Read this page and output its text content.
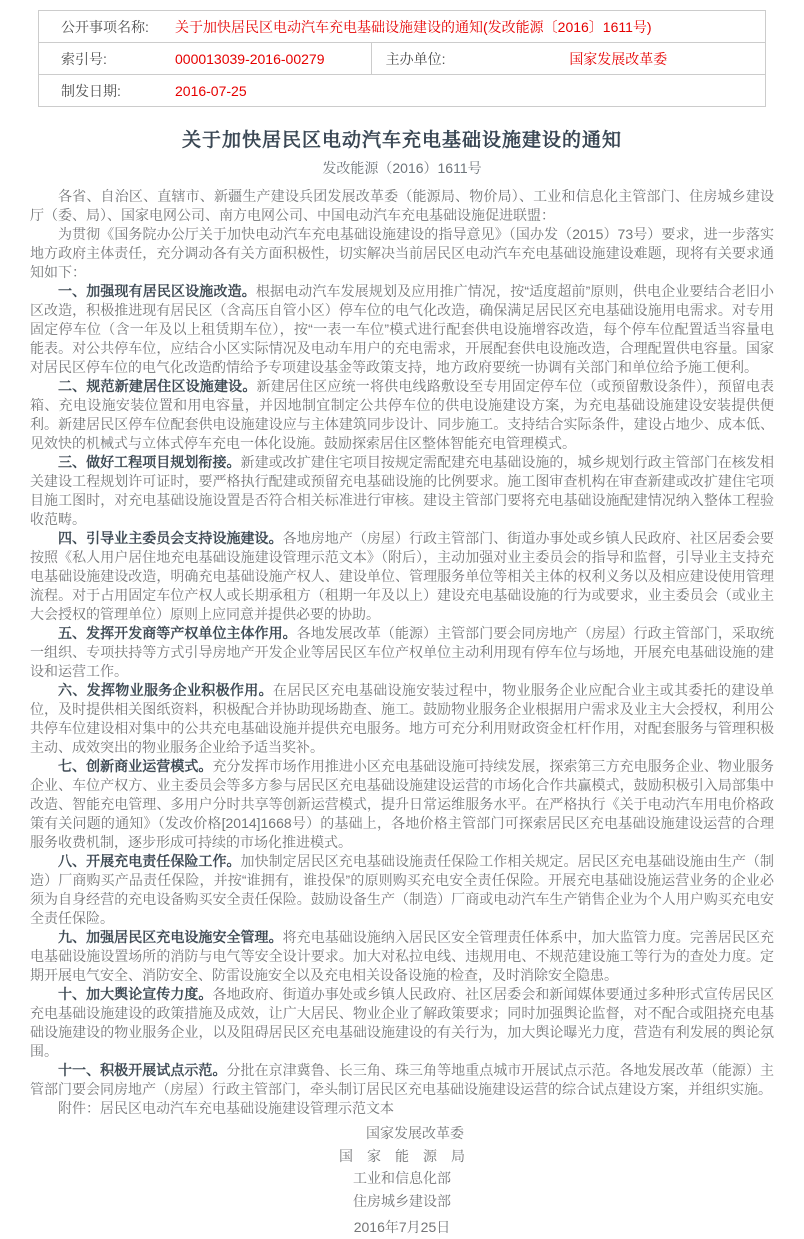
公开事项名称:	关于加快居民区电动汽车充电基础设施建设的通知(发改能源〔2016〕1611号)		
索引号:	000013039-2016-00279	主办单位:	国家发展改革委
制发日期:	2016-07-25		
关于加快居民区电动汽车充电基础设施建设的通知
发改能源（2016）1611号

各省、自治区、直辖市、新疆生产建设兵团发展改革委（能源局、物价局）、工业和信息化主管部门、住房城乡建设厅（委、局）、国家电网公司、南方电网公司、中国电动汽车充电基础设施促进联盟：

为贯彻《国务院办公厅关于加快电动汽车充电基础设施建设的指导意见》（国办发（2015）73号）要求，进一步落实地方政府主体责任，充分调动各有关方面积极性，切实解决当前居民区电动汽车充电基础设施建设难题，现将有关要求通知如下：

一、加强现有居民区设施改造。根据电动汽车发展规划及应用推广情况，按“适度超前”原则，供电企业要结合老旧小区改造，积极推进现有居民区（含高压自管小区）停车位的电气化改造，确保满足居民区充电基础设施用电需求。对专用固定停车位（含一年及以上租赁期车位），按“一表一车位”模式进行配套供电设施增容改造，每个停车位配置适当容量电能表。对公共停车位，应结合小区实际情况及电动车用户的充电需求，开展配套供电设施改造，合理配置供电容量。国家对居民区停车位的电气化改造酌情给予专项建设基金等政策支持，地方政府要统一协调有关部门和单位给予施工便利。

二、规范新建居住区设施建设。新建居住区应统一将供电线路敷设至专用固定停车位（或预留敷设条件），预留电表箱、充电设施安装位置和用电容量，并因地制宜制定公共停车位的供电设施建设方案，为充电基础设施建设安装提供便利。新建居民区停车位配套供电设施建设应与主体建筑同步设计、同步施工。支持结合实际条件，建设占地少、成本低、见效快的机械式与立体式停车充电一体化设施。鼓励探索居住区整体智能充电管理模式。

三、做好工程项目规划衔接。新建或改扩建住宅项目按规定需配建充电基础设施的，城乡规划行政主管部门在核发相关建设工程规划许可证时，要严格执行配建或预留充电基础设施的比例要求。施工图审查机构在审查新建或改扩建住宅项目施工图时，对充电基础设施设置是否符合相关标准进行审核。建设主管部门要将充电基础设施配建情况纳入整体工程验收范畴。

四、引导业主委员会支持设施建设。各地房地产（房屋）行政主管部门、街道办事处或乡镇人民政府、社区居委会要按照《私人用户居住地充电基础设施建设管理示范文本》（附后），主动加强对业主委员会的指导和监督，引导业主支持充电基础设施建设改造，明确充电基础设施产权人、建设单位、管理服务单位等相关主体的权利义务以及相应建设使用管理流程。对于占用固定车位产权人或长期承租方（租期一年及以上）建设充电基础设施的行为或要求，业主委员会（或业主大会授权的管理单位）原则上应同意并提供必要的协助。

五、发挥开发商等产权单位主体作用。各地发展改革（能源）主管部门要会同房地产（房屋）行政主管部门，采取统一组织、专项扶持等方式引导房地产开发企业等居民区车位产权单位主动利用现有停车位与场地，开展充电基础设施的建设和运营工作。

六、发挥物业服务企业积极作用。在居民区充电基础设施安装过程中，物业服务企业应配合业主或其委托的建设单位，及时提供相关图纸资料，积极配合并协助现场勘查、施工。鼓励物业服务企业根据用户需求及业主大会授权，利用公共停车位建设相对集中的公共充电基础设施并提供充电服务。地方可充分利用财政资金杠杆作用，对配套服务与管理积极主动、成效突出的物业服务企业给予适当奖补。

七、创新商业运营模式。充分发挥市场作用推进小区充电基础设施可持续发展，探索第三方充电服务企业、物业服务企业、车位产权方、业主委员会等多方参与居民区充电基础设施建设运营的市场化合作共赢模式，鼓励积极引入局部集中改造、智能充电管理、多用户分时共享等创新运营模式，提升日常运维服务水平。在严格执行《关于电动汽车用电价格政策有关问题的通知》（发改价格[2014]1668号）的基础上，各地价格主管部门可探索居民区充电基础设施建设运营的合理服务收费机制，逐步形成可持续的市场化推进模式。

八、开展充电责任保险工作。加快制定居民区充电基础设施责任保险工作相关规定。居民区充电基础设施由生产（制造）厂商购买产品责任保险，并按“谁拥有，谁投保”的原则购买充电安全责任保险。开展充电基础设施运营业务的企业必须为自身经营的充电设备购买安全责任保险。鼓励设备生产（制造）厂商或电动汽车生产销售企业为个人用户购买充电安全责任保险。

九、加强居民区充电设施安全管理。将充电基础设施纳入居民区安全管理责任体系中，加大监管力度。完善居民区充电基础设施设置场所的消防与电气等安全设计要求。加大对私拉电线、违规用电、不规范建设施工等行为的查处力度。定期开展电气安全、消防安全、防雷设施安全以及充电相关设备设施的检查，及时消除安全隐患。

十、加大舆论宣传力度。各地政府、街道办事处或乡镇人民政府、社区居委会和新闻媒体要通过多种形式宣传居民区充电基础设施建设的政策措施及成效，让广大居民、物业企业了解政策要求；同时加强舆论监督，对不配合或阻挠充电基础设施建设的物业服务企业，以及阻碍居民区充电基础设施建设的有关行为，加大舆论曝光力度，营造有利发展的舆论氛围。

十一、积极开展试点示范。分批在京津冀鲁、长三角、珠三角等地重点城市开展试点示范。各地发展改革（能源）主管部门要会同房地产（房屋）行政主管部门，牵头制订居民区充电基础设施建设运营的综合试点建设方案，并组织实施。

附件：居民区电动汽车充电基础设施建设管理示范文本

国家发展改革委
国　家　能　源　局
工业和信息化部
住房城乡建设部
2016年7月25日
